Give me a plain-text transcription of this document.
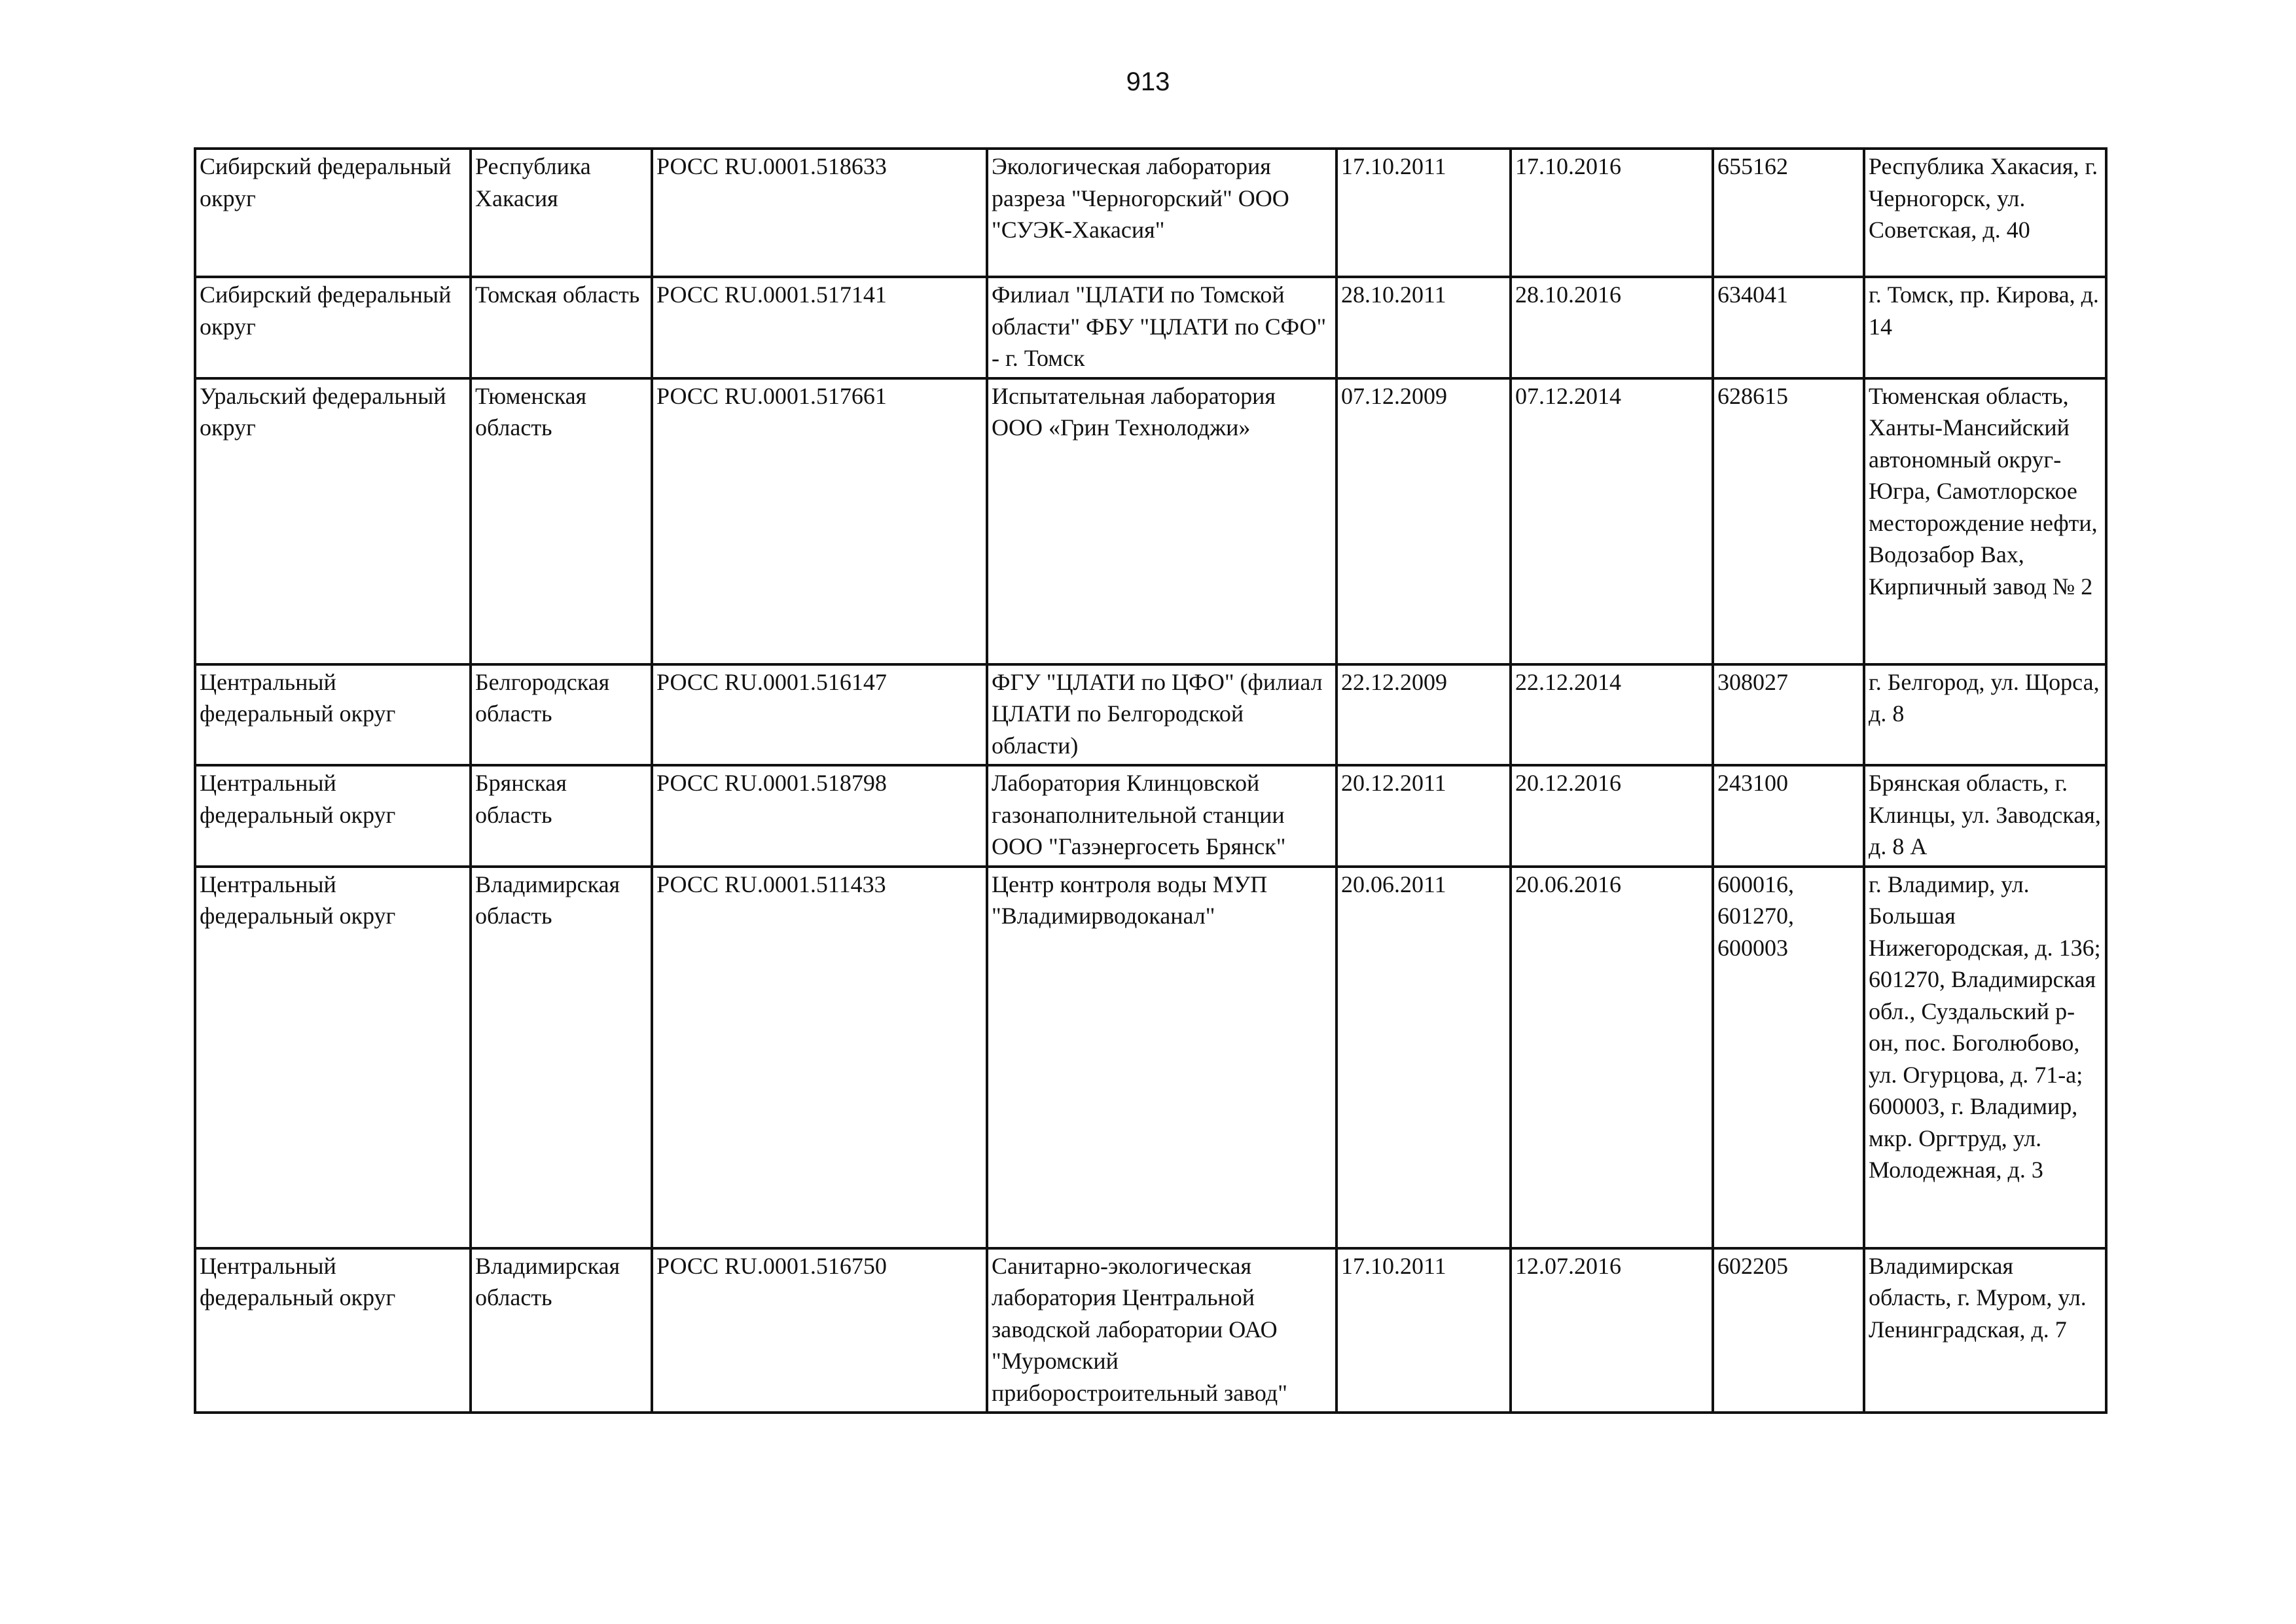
913
Сибирский федеральный округ	Республика Хакасия	РОСС RU.0001.518633	Экологическая лаборатория разреза "Черногорский" ООО "СУЭК-Хакасия"	17.10.2011	17.10.2016	655162	Республика Хакасия, г. Черногорск, ул. Советская, д. 40
Сибирский федеральный округ	Томская область	РОСС RU.0001.517141	Филиал "ЦЛАТИ по Томской области" ФБУ "ЦЛАТИ по СФО" - г. Томск	28.10.2011	28.10.2016	634041	г. Томск, пр. Кирова, д. 14
Уральский федеральный округ	Тюменская область	РОСС RU.0001.517661	Испытательная лаборатория ООО «Грин Технолоджи»	07.12.2009	07.12.2014	628615	Тюменская область, Ханты-Мансийский автономный округ-Югра, Самотлорское месторождение нефти, Водозабор Вах, Кирпичный завод № 2
Центральный федеральный округ	Белгородская область	РОСС RU.0001.516147	ФГУ "ЦЛАТИ по ЦФО" (филиал ЦЛАТИ по Белгородской области)	22.12.2009	22.12.2014	308027	г. Белгород, ул. Щорса, д. 8
Центральный федеральный округ	Брянская область	РОСС RU.0001.518798	Лаборатория Клинцовской газонаполнительной станции ООО "Газэнергосеть Брянск"	20.12.2011	20.12.2016	243100	Брянская область, г. Клинцы, ул. Заводская, д. 8 А
Центральный федеральный округ	Владимирская область	РОСС RU.0001.511433	Центр контроля воды МУП "Владимирводоканал"	20.06.2011	20.06.2016	600016, 601270, 600003	г. Владимир, ул. Большая Нижегородская, д. 136; 601270, Владимирская обл., Суздальский р-он, пос. Боголюбово, ул. Огурцова, д. 71-а; 600003, г. Владимир, мкр. Оргтруд, ул. Молодежная, д. 3
Центральный федеральный округ	Владимирская область	РОСС RU.0001.516750	Санитарно-экологическая лаборатория Центральной заводской лаборатории ОАО "Муромский приборостроительный завод"	17.10.2011	12.07.2016	602205	Владимирская область, г. Муром, ул. Ленинградская, д. 7
